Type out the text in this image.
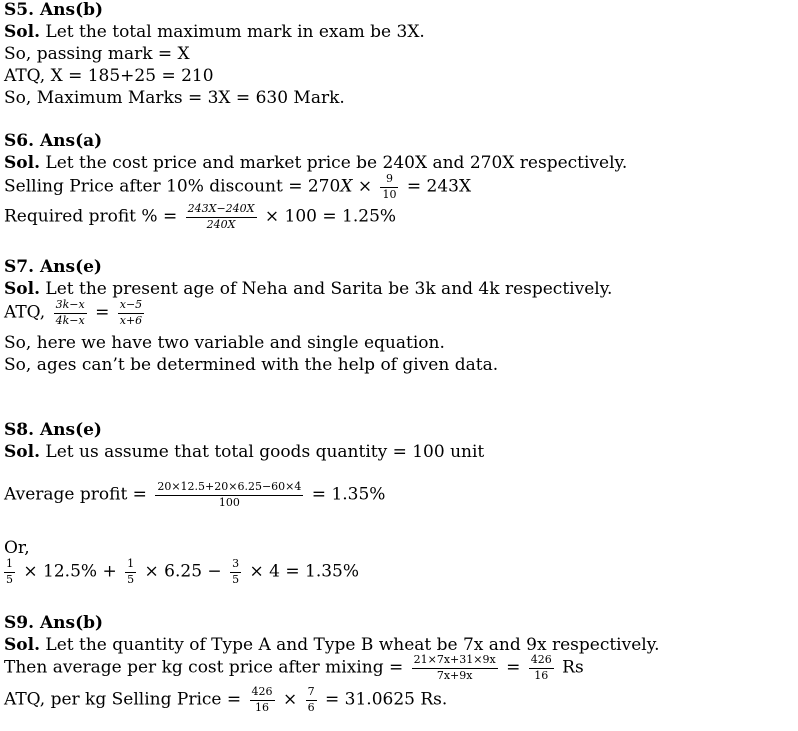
S5. Ans(b)
Sol. Let the total maximum mark in exam be 3X.
So, passing mark = X
ATQ, X = 185+25 = 210
So, Maximum Marks = 3X = 630 Mark.
S6. Ans(a)
Sol. Let the cost price and market price be 240X and 270X respectively.
Selling Price after 10% discount = $270X \times \frac{9}{10} = 243X$
Required profit % = $\frac{243X-240X}{240X} \times 100 = 1.25\%$
S7. Ans(e)
Sol. Let the present age of Neha and Sarita be 3k and 4k respectively.
ATQ, $\frac{3k-x}{4k-x} = \frac{x-5}{x+6}$
So, here we have two variable and single equation.
So, ages can’t be determined with the help of given data.
S8. Ans(e)
Sol. Let us assume that total goods quantity = 100 unit
Average profit = $\frac{20\times 12.5+20\times 6.25-60\times 4}{100} = 1.35\%$
Or,
$\frac{1}{5} \times 12.5\% + \frac{1}{5} \times 6.25 - \frac{3}{5} \times 4 = 1.35\%$
S9. Ans(b)
Sol. Let the quantity of Type A and Type B wheat be 7x and 9x respectively.
Then average per kg cost price after mixing = $\frac{21\times 7x+31\times 9x}{7x+9x} = \frac{426}{16}$ Rs
ATQ, per kg Selling Price = $\frac{426}{16} \times \frac{7}{6} = 31.0625$ Rs.
